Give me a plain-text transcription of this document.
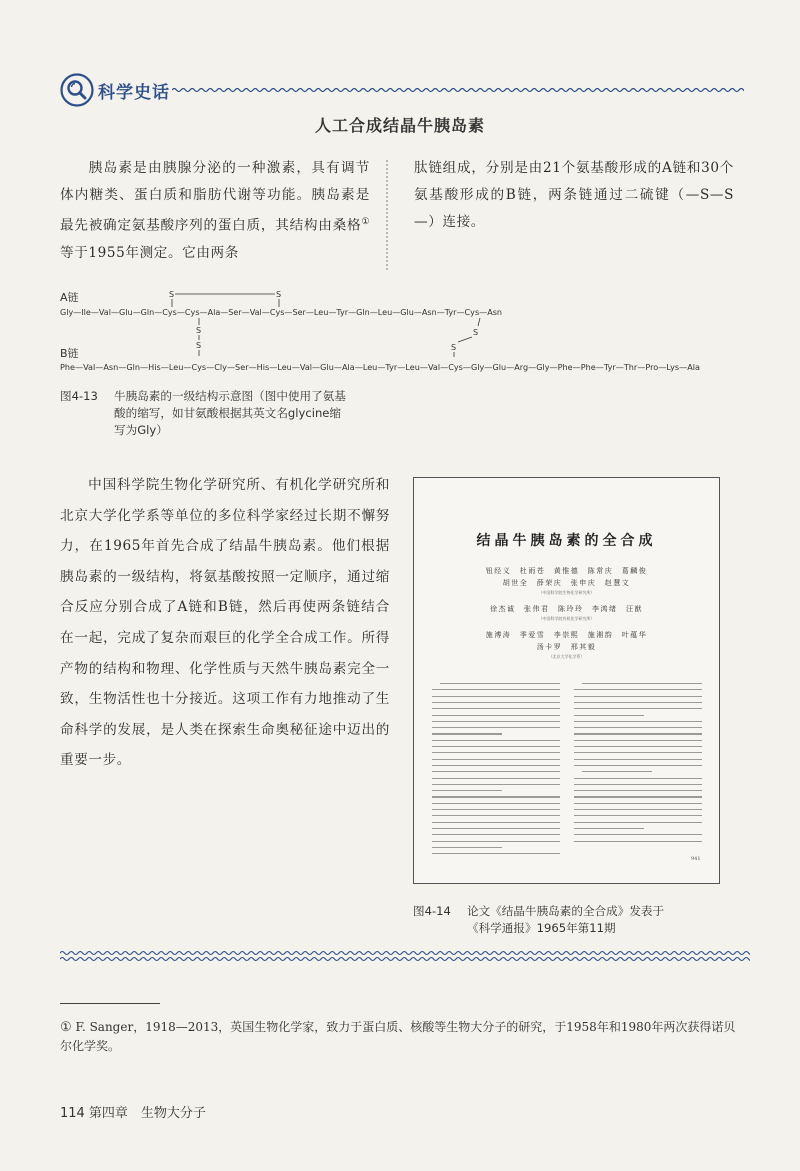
科学史话
人工合成结晶牛胰岛素
胰岛素是由胰腺分泌的一种激素，具有调节体内糖类、蛋白质和脂肪代谢等功能。胰岛素是最先被确定氨基酸序列的蛋白质，其结构由桑格①等于1955年测定。它由两条
肽链组成，分别是由21个氨基酸形成的A链和30个氨基酸形成的B链，两条链通过二硫键（—S—S—）连接。
A链
Gly—Ile—Val—Glu—Gln—Cys—Cys—Ala—Ser—Val—Cys—Ser—Leu—Tyr—Gln—Leu—Glu—Asn—Tyr—Cys—Asn
S	S
S
S
S
S
B链
Phe—Val—Asn—Gln—His—Leu—Cys—Cly—Ser—His—Leu—Val—Glu—Ala—Leu—Tyr—Leu—Val—Cys—Gly—Glu—Arg—Gly—Phe—Phe—Tyr—Thr—Pro—Lys—Ala
图4-13 牛胰岛素的一级结构示意图（图中使用了氨基
酸的缩写，如甘氨酸根据其英文名glycine缩
写为Gly）
中国科学院生物化学研究所、有机化学研究所和北京大学化学系等单位的多位科学家经过长期不懈努力，在1965年首先合成了结晶牛胰岛素。他们根据胰岛素的一级结构，将氨基酸按照一定顺序，通过缩合反应分别合成了A链和B链，然后再使两条链结合在一起，完成了复杂而艰巨的化学全合成工作。所得产物的结构和物理、化学性质与天然牛胰岛素完全一致，生物活性也十分接近。这项工作有力地推动了生命科学的发展，是人类在探索生命奥秘征途中迈出的重要一步。
结晶牛胰岛素的全合成
钮经义　杜雨苍　黄惟德　陈常庆　葛麟俊
胡世全　薛荣庆　张申庆　赵慧文
（中国科学院生物化学研究所）
徐杰诚　张伟君　陈玲玲　李鸿绪　汪猷
（中国科学院有机化学研究所）
施溥涛　季爱雪　李崇熙　施湘韵　叶蕴华
汤卡罗　邢其毅
（北京大学化学系）
941
图4-14 论文《结晶牛胰岛素的全合成》发表于
《科学通报》1965年第11期
① F. Sanger，1918—2013，英国生物化学家，致力于蛋白质、核酸等生物大分子的研究，于1958年和1980年两次获得诺贝尔化学奖。
114 第四章　生物大分子
